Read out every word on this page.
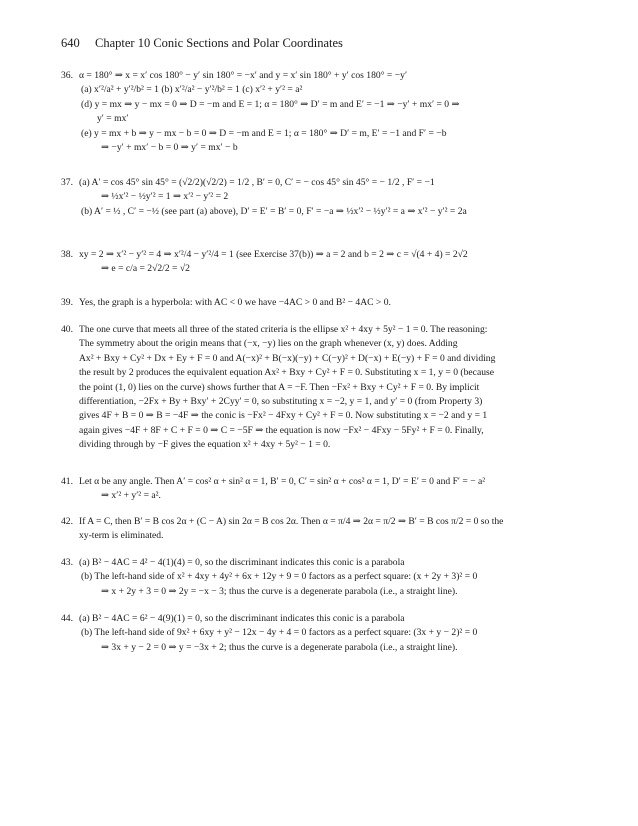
640 Chapter 10 Conic Sections and Polar Coordinates
36. α = 180° ⇒ x = x′ cos 180° − y′ sin 180° = −x′ and y = x′ sin 180° + y′ cos 180° = −y′
(a) x′²/a² + y′²/b² = 1 (b) x′²/a² − y′²/b² = 1 (c) x′² + y′² = a²
(d) y = mx ⇒ y − mx = 0 ⇒ D = −m and E = 1; α = 180° ⇒ D′ = m and E′ = −1 ⇒ −y′ + mx′ = 0 ⇒
y′ = mx′
(e) y = mx + b ⇒ y − mx − b = 0 ⇒ D = −m and E = 1; α = 180° ⇒ D′ = m, E′ = −1 and F′ = −b
⇒ −y′ + mx′ − b = 0 ⇒ y′ = mx′ − b
37. (a) A′ = cos 45° sin 45° = (√2/2)(√2/2) = 1/2 , B′ = 0, C′ = − cos 45° sin 45° = − 1/2 , F′ = −1
⇒ ½x′² − ½y′² = 1 ⇒ x′² − y′² = 2
(b) A′ = ½ , C′ = −½ (see part (a) above), D′ = E′ = B′ = 0, F′ = −a ⇒ ½x′² − ½y′² = a ⇒ x′² − y′² = 2a
38. xy = 2 ⇒ x′² − y′² = 4 ⇒ x′²/4 − y′²/4 = 1 (see Exercise 37(b)) ⇒ a = 2 and b = 2 ⇒ c = √(4 + 4) = 2√2
⇒ e = c/a = 2√2/2 = √2
39. Yes, the graph is a hyperbola: with AC < 0 we have −4AC > 0 and B² − 4AC > 0.
40. The one curve that meets all three of the stated criteria is the ellipse x² + 4xy + 5y² − 1 = 0. The reasoning:
The symmetry about the origin means that (−x, −y) lies on the graph whenever (x, y) does. Adding
Ax² + Bxy + Cy² + Dx + Ey + F = 0 and A(−x)² + B(−x)(−y) + C(−y)² + D(−x) + E(−y) + F = 0 and dividing
the result by 2 produces the equivalent equation Ax² + Bxy + Cy² + F = 0. Substituting x = 1, y = 0 (because
the point (1, 0) lies on the curve) shows further that A = −F. Then −Fx² + Bxy + Cy² + F = 0. By implicit
differentiation, −2Fx + By + Bxy′ + 2Cyy′ = 0, so substituting x = −2, y = 1, and y′ = 0 (from Property 3)
gives 4F + B = 0 ⇒ B = −4F ⇒ the conic is −Fx² − 4Fxy + Cy² + F = 0. Now substituting x = −2 and y = 1
again gives −4F + 8F + C + F = 0 ⇒ C = −5F ⇒ the equation is now −Fx² − 4Fxy − 5Fy² + F = 0. Finally,
dividing through by −F gives the equation x² + 4xy + 5y² − 1 = 0.
41. Let α be any angle. Then A′ = cos² α + sin² α = 1, B′ = 0, C′ = sin² α + cos² α = 1, D′ = E′ = 0 and F′ = − a²
⇒ x′² + y′² = a².
42. If A = C, then B′ = B cos 2α + (C − A) sin 2α = B cos 2α. Then α = π/4 ⇒ 2α = π/2 ⇒ B′ = B cos π/2 = 0 so the
xy-term is eliminated.
43. (a) B² − 4AC = 4² − 4(1)(4) = 0, so the discriminant indicates this conic is a parabola
(b) The left-hand side of x² + 4xy + 4y² + 6x + 12y + 9 = 0 factors as a perfect square: (x + 2y + 3)² = 0
⇒ x + 2y + 3 = 0 ⇒ 2y = −x − 3; thus the curve is a degenerate parabola (i.e., a straight line).
44. (a) B² − 4AC = 6² − 4(9)(1) = 0, so the discriminant indicates this conic is a parabola
(b) The left-hand side of 9x² + 6xy + y² − 12x − 4y + 4 = 0 factors as a perfect square: (3x + y − 2)² = 0
⇒ 3x + y − 2 = 0 ⇒ y = −3x + 2; thus the curve is a degenerate parabola (i.e., a straight line).
